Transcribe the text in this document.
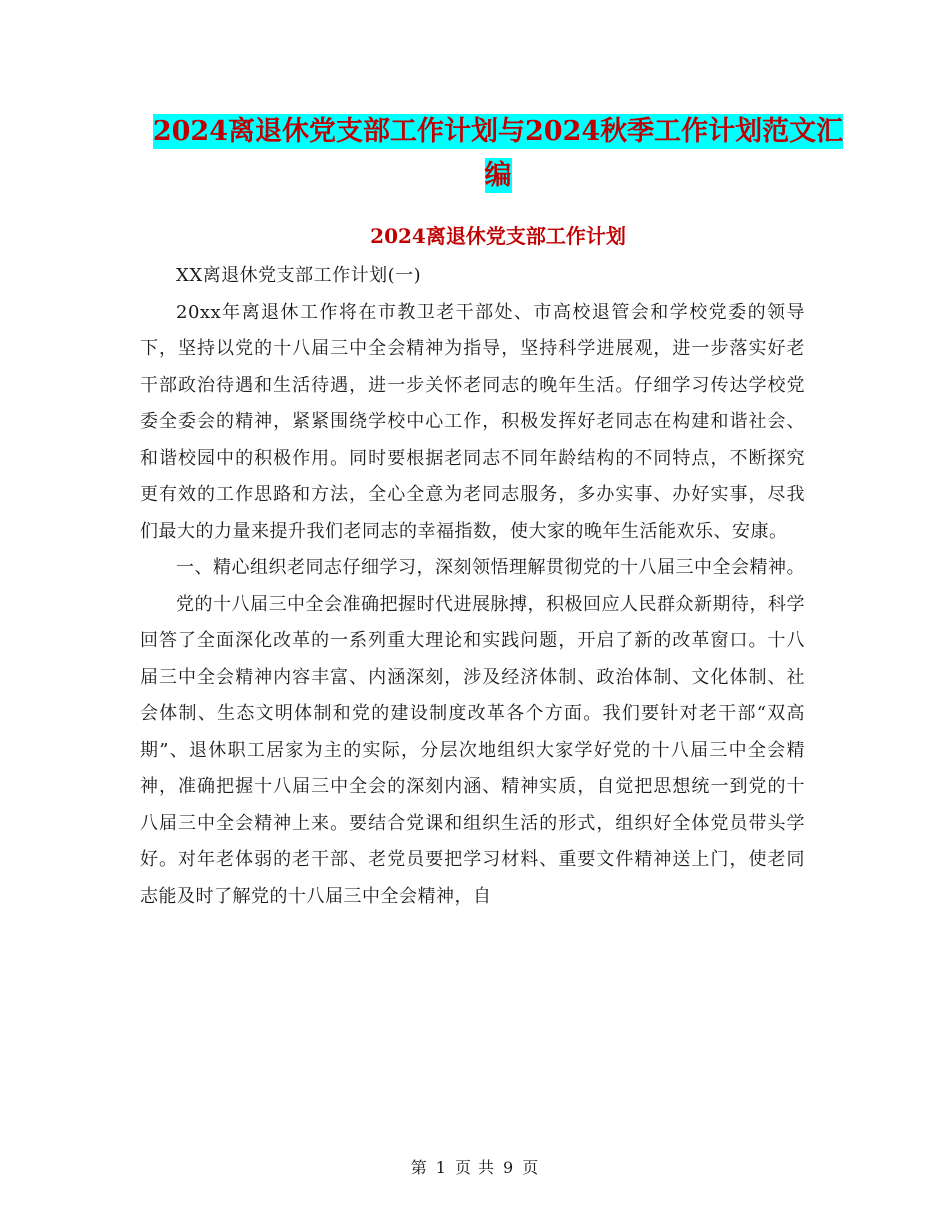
2024离退休党支部工作计划与2024秋季工作计划范文汇编
2024离退休党支部工作计划

XX离退休党支部工作计划(一)

20xx年离退休工作将在市教卫老干部处、市高校退管会和学校党委的领导下，坚持以党的十八届三中全会精神为指导，坚持科学进展观，进一步落实好老干部政治待遇和生活待遇，进一步关怀老同志的晚年生活。仔细学习传达学校党委全委会的精神，紧紧围绕学校中心工作，积极发挥好老同志在构建和谐社会、和谐校园中的积极作用。同时要根据老同志不同年龄结构的不同特点，不断探究更有效的工作思路和方法，全心全意为老同志服务，多办实事、办好实事，尽我们最大的力量来提升我们老同志的幸福指数，使大家的晚年生活能欢乐、安康。

一、精心组织老同志仔细学习，深刻领悟理解贯彻党的十八届三中全会精神。

党的十八届三中全会准确把握时代进展脉搏，积极回应人民群众新期待，科学回答了全面深化改革的一系列重大理论和实践问题，开启了新的改革窗口。十八届三中全会精神内容丰富、内涵深刻，涉及经济体制、政治体制、文化体制、社会体制、生态文明体制和党的建设制度改革各个方面。我们要针对老干部“双高期”、退休职工居家为主的实际，分层次地组织大家学好党的十八届三中全会精神，准确把握十八届三中全会的深刻内涵、精神实质，自觉把思想统一到党的十八届三中全会精神上来。要结合党课和组织生活的形式，组织好全体党员带头学好。对年老体弱的老干部、老党员要把学习材料、重要文件精神送上门，使老同志能及时了解党的十八届三中全会精神，自

第 1 页 共 9 页
